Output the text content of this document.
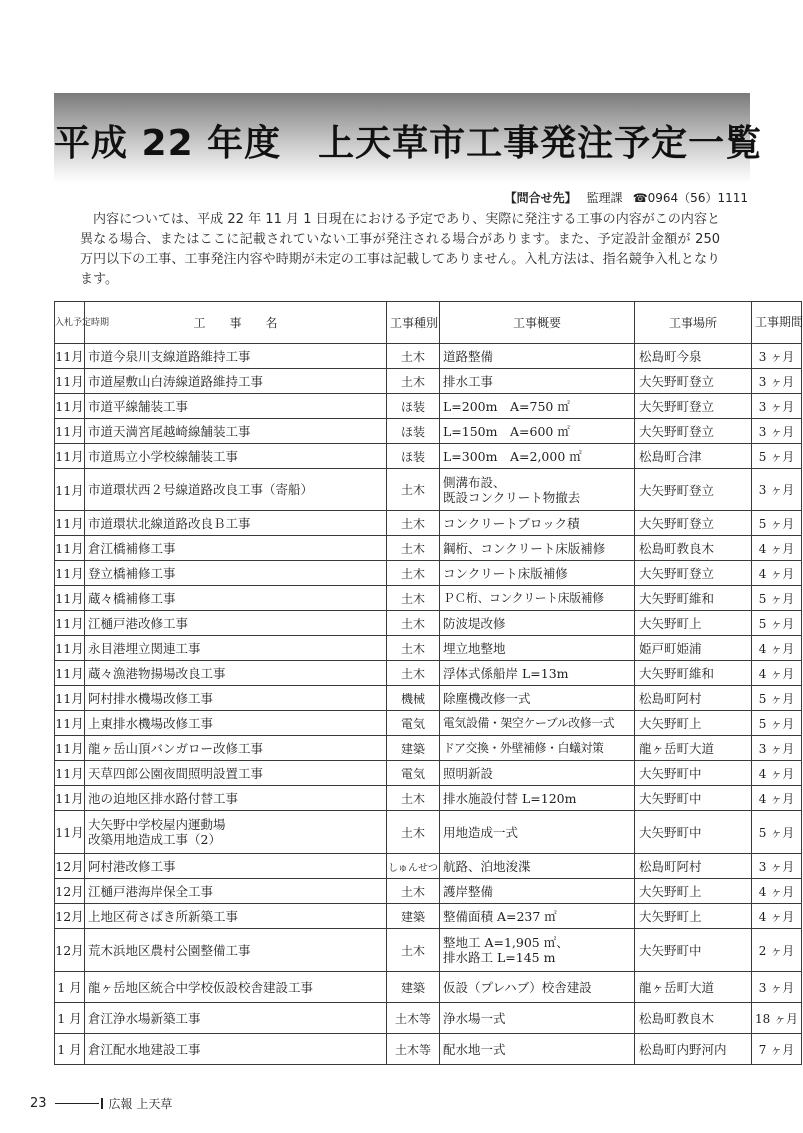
平成 22 年度　上天草市工事発注予定一覧
【問合せ先】 監理課 ☎0964（56）1111

内容については、平成 22 年 11 月 1 日現在における予定であり、実際に発注する工事の内容がこの内容と異なる場合、またはここに記載されていない工事が発注される場合があります。また、予定設計金額が 250 万円以下の工事、工事発注内容や時期が未定の工事は記載してありません。入札方法は、指名競争入札となります。

入札予定時期	工　　事　　名	工事種別	工事概要	工事場所	工事期間
11月	市道今泉川支線道路維持工事	土木	道路整備	松島町今泉	3 ヶ月
11月	市道屋敷山白涛線道路維持工事	土木	排水工事	大矢野町登立	3 ヶ月
11月	市道平線舗装工事	ほ装	L=200m　A=750 ㎡	大矢野町登立	3 ヶ月
11月	市道天満宮尾越崎線舗装工事	ほ装	L=150m　A=600 ㎡	大矢野町登立	3 ヶ月
11月	市道馬立小学校線舗装工事	ほ装	L=300m　A=2,000 ㎡	松島町合津	5 ヶ月
11月	市道環状西２号線道路改良工事（寄船）	土木	側溝布設、
既設コンクリート物撤去	大矢野町登立	3 ヶ月
11月	市道環状北線道路改良Ｂ工事	土木	コンクリートブロック積	大矢野町登立	5 ヶ月
11月	倉江橋補修工事	土木	鋼桁、コンクリート床版補修	松島町教良木	4 ヶ月
11月	登立橋補修工事	土木	コンクリート床版補修	大矢野町登立	4 ヶ月
11月	蔵々橋補修工事	土木	ＰＣ桁、コンクリート床版補修	大矢野町維和	5 ヶ月
11月	江樋戸港改修工事	土木	防波堤改修	大矢野町上	5 ヶ月
11月	永目港埋立関連工事	土木	埋立地整地	姫戸町姫浦	4 ヶ月
11月	蔵々漁港物揚場改良工事	土木	浮体式係船岸 L=13m	大矢野町維和	4 ヶ月
11月	阿村排水機場改修工事	機械	除塵機改修一式	松島町阿村	5 ヶ月
11月	上東排水機場改修工事	電気	電気設備・架空ケーブル改修一式	大矢野町上	5 ヶ月
11月	龍ヶ岳山頂バンガロー改修工事	建築	ドア交換・外壁補修・白蟻対策	龍ヶ岳町大道	3 ヶ月
11月	天草四郎公園夜間照明設置工事	電気	照明新設	大矢野町中	4 ヶ月
11月	池の迫地区排水路付替工事	土木	排水施設付替 L=120m	大矢野町中	4 ヶ月
11月	大矢野中学校屋内運動場
改築用地造成工事（2）	土木	用地造成一式	大矢野町中	5 ヶ月
12月	阿村港改修工事	しゅんせつ	航路、泊地浚渫	松島町阿村	3 ヶ月
12月	江樋戸港海岸保全工事	土木	護岸整備	大矢野町上	4 ヶ月
12月	上地区荷さばき所新築工事	建築	整備面積 A=237 ㎡	大矢野町上	4 ヶ月
12月	荒木浜地区農村公園整備工事	土木	整地工 A=1,905 ㎡、
排水路工 L=145 m	大矢野町中	2 ヶ月
1 月	龍ヶ岳地区統合中学校仮設校舎建設工事	建築	仮設（プレハブ）校舎建設	龍ヶ岳町大道	3 ヶ月
1 月	倉江浄水場新築工事	土木等	浄水場一式	松島町教良木	18 ヶ月
1 月	倉江配水地建設工事	土木等	配水地一式	松島町内野河内	7 ヶ月
23	広報 上天草
